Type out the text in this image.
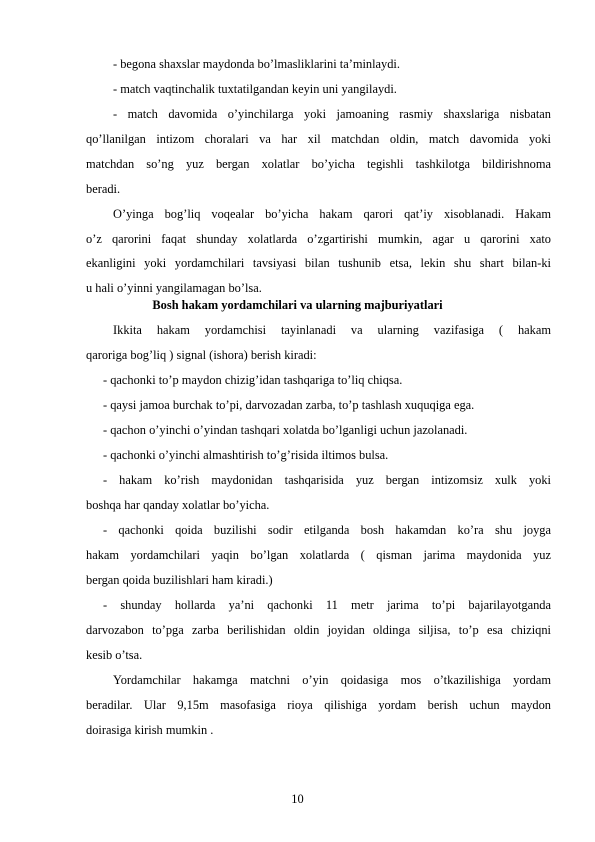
- begona shaxslar maydonda bo’lmasliklarini ta’minlaydi.
- match vaqtinchalik tuxtatilgandan keyin uni yangilaydi.
- match davomida o’yinchilarga yoki jamoaning rasmiy shaxslariga nisbatan
qo’llanilgan intizom choralari va har xil matchdan oldin, match davomida yoki
matchdan so’ng yuz bergan xolatlar bo’yicha tegishli tashkilotga bildirishnoma
beradi.
O’yinga bog’liq voqealar bo’yicha hakam qarori qat’iy xisoblanadi. Hakam
o’z qarorini faqat shunday xolatlarda o’zgartirishi mumkin, agar u qarorini xato
ekanligini yoki yordamchilari tavsiyasi bilan tushunib etsa, lekin shu shart bilan-ki
u hali o’yinni yangilamagan bo’lsa.
Bosh hakam yordamchilari va ularning majburiyatlari
Ikkita hakam yordamchisi tayinlanadi va ularning vazifasiga ( hakam
qaroriga bog’liq ) signal (ishora) berish kiradi:
- qachonki to’p maydon chizig’idan tashqariga to’liq chiqsa.
- qaysi jamoa burchak to’pi, darvozadan zarba, to’p tashlash xuquqiga ega.
- qachon o’yinchi o’yindan tashqari xolatda bo’lganligi uchun jazolanadi.
- qachonki o’yinchi almashtirish to’g’risida iltimos bulsa.
- hakam ko’rish maydonidan tashqarisida yuz bergan intizomsiz xulk yoki
boshqa har qanday xolatlar bo’yicha.
- qachonki qoida buzilishi sodir etilganda bosh hakamdan ko’ra shu joyga
hakam yordamchilari yaqin bo’lgan xolatlarda ( qisman jarima maydonida yuz
bergan qoida buzilishlari ham kiradi.)
- shunday hollarda ya’ni qachonki 11 metr jarima to’pi bajarilayotganda
darvozabon to’pga zarba berilishidan oldin joyidan oldinga siljisa, to’p esa chiziqni
kesib o’tsa.
Yordamchilar hakamga matchni o’yin qoidasiga mos o’tkazilishiga yordam
beradilar. Ular 9,15m masofasiga rioya qilishiga yordam berish uchun maydon
doirasiga kirish mumkin .
10
